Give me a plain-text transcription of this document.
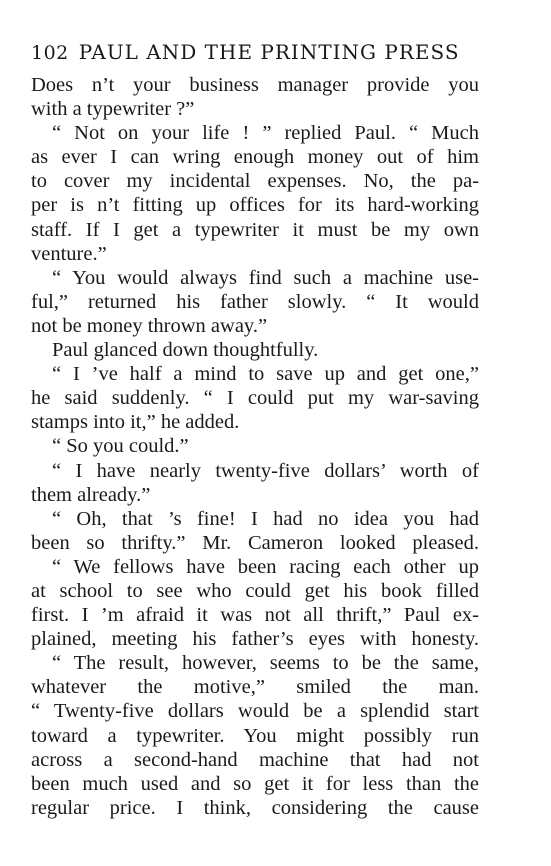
102 PAUL AND THE PRINTING PRESS
Does n’t your business manager provide you
with a typewriter ?”
“ Not on your life ! ” replied Paul. “ Much
as ever I can wring enough money out of him
to cover my incidental expenses. No, the pa-
per is n’t fitting up offices for its hard-working
staff. If I get a typewriter it must be my own
venture.”
“ You would always find such a machine use-
ful,” returned his father slowly. “ It would
not be money thrown away.”
Paul glanced down thoughtfully.
“ I ’ve half a mind to save up and get one,”
he said suddenly. “ I could put my war-saving
stamps into it,” he added.
“ So you could.”
“ I have nearly twenty-five dollars’ worth of
them already.”
“ Oh, that ’s fine! I had no idea you had
been so thrifty.” Mr. Cameron looked pleased.
“ We fellows have been racing each other up
at school to see who could get his book filled
first. I ’m afraid it was not all thrift,” Paul ex-
plained, meeting his father’s eyes with honesty.
“ The result, however, seems to be the same,
whatever the motive,” smiled the man.
“ Twenty-five dollars would be a splendid start
toward a typewriter. You might possibly run
across a second-hand machine that had not
been much used and so get it for less than the
regular price. I think, considering the cause
